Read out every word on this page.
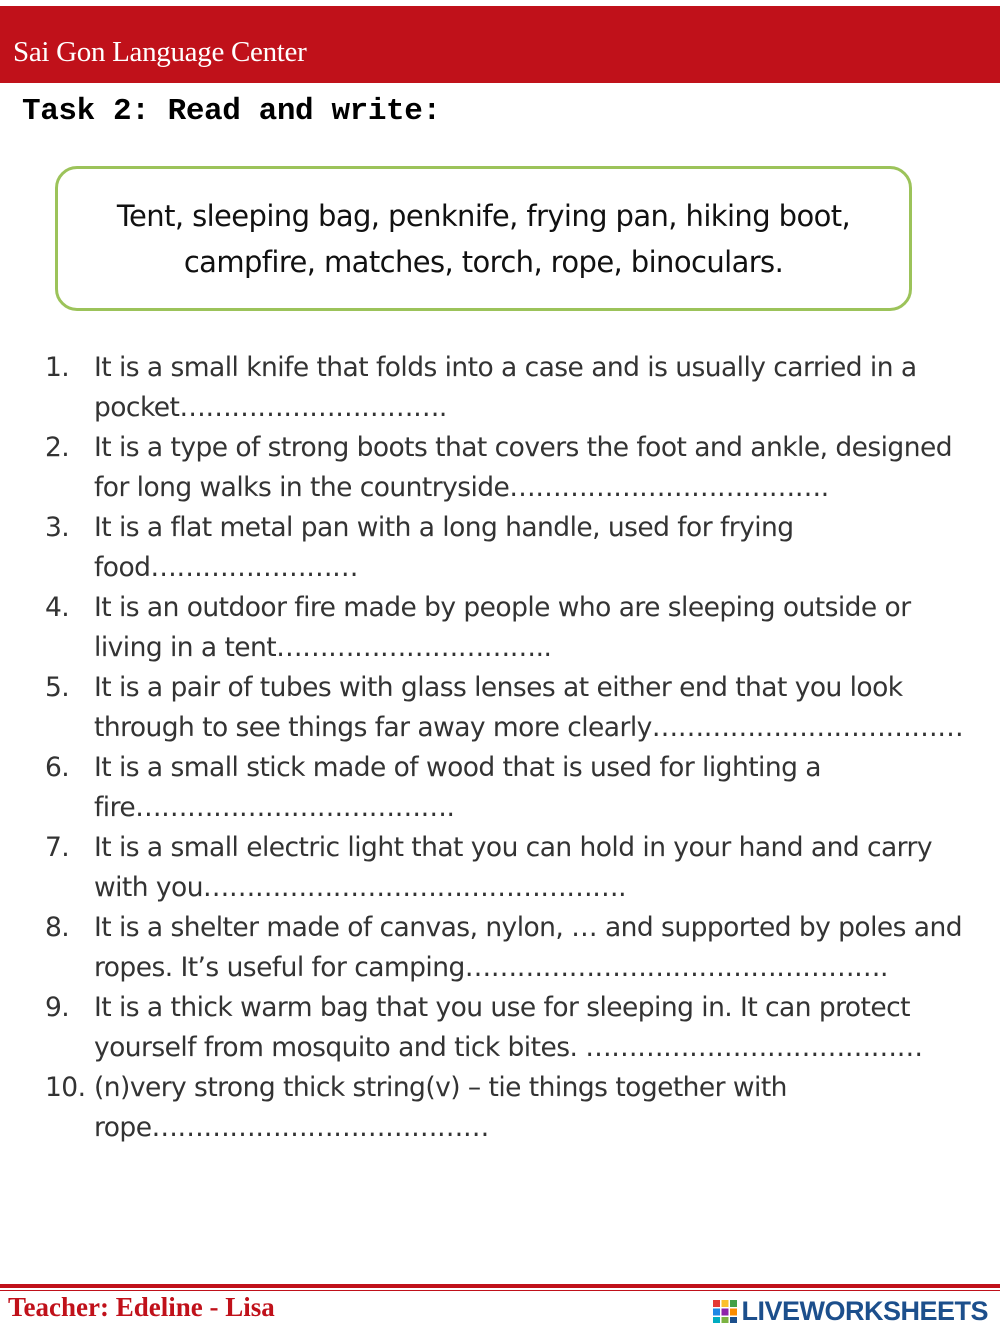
Sai Gon Language Center
Task 2: Read and write:
Tent, sleeping bag, penknife, frying pan, hiking boot, campfire, matches, torch, rope, binoculars.
1. It is a small knife that folds into a case and is usually carried in a pocket………………………….
2. It is a type of strong boots that covers the foot and ankle, designed for long walks in the countryside……………………………….
3. It is a flat metal pan with a long handle, used for frying food……………………
4. It is an outdoor fire made by people who are sleeping outside or living in a tent…………………………..
5. It is a pair of tubes with glass lenses at either end that you look through to see things far away more clearly………………………………
6. It is a small stick made of wood that is used for lighting a fire……………………………….
7. It is a small electric light that you can hold in your hand and carry with you………………………………………….
8. It is a shelter made of canvas, nylon, … and supported by poles and ropes. It’s useful for camping………………………………………….
9. It is a thick warm bag that you use for sleeping in. It can protect yourself from mosquito and tick bites. …………………………………
10. (n)very strong thick string(v) – tie things together with rope…………………………………
Teacher: Edeline - Lisa	LIVEWORKSHEETS
